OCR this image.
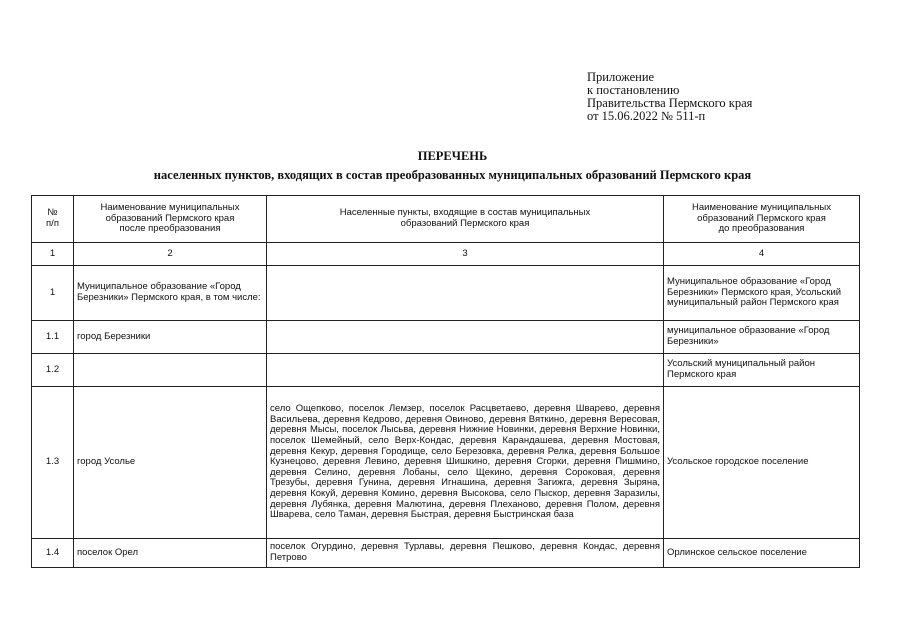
Приложение
к постановлению
Правительства Пермского края
от 15.06.2022 № 511-п
ПЕРЕЧЕНЬ
населенных пунктов, входящих в состав преобразованных муниципальных образований Пермского края
№
п/п	Наименование муниципальных
образований Пермского края
после преобразования	Населенные пункты, входящие в состав муниципальных
образований Пермского края	Наименование муниципальных
образований Пермского края
до преобразования

1	2	3	4
1	Муниципальное образование «Город Березники» Пермского края, в том числе:		Муниципальное образование «Город Березники» Пермского края, Усольский муниципальный район Пермского края
1.1	город Березники		муниципальное образование «Город Березники»
1.2			Усольский муниципальный район Пермского края
1.3	город Усолье	село Ощепково, поселок Лемзер, поселок Расцветаево, деревня Шварево, деревня Васильева, деревня Кедрово, деревня Овиново, деревня Вяткино, деревня Вересовая, деревня Мысы, поселок Лысьва, деревня Нижние Новинки, деревня Верхние Новинки, поселок Шемейный, село Верх-Кондас, деревня Карандашева, деревня Мостовая, деревня Кекур, деревня Городище, село Березовка, деревня Релка, деревня Большое Кузнецово, деревня Левино, деревня Шишкино, деревня Сгорки, деревня Пишмино, деревня Селино, деревня Лобаны, село Щекино, деревня Сороковая, деревня Трезубы, деревня Гунина, деревня Игнашина, деревня Загижга, деревня Зыряна, деревня Кокуй, деревня Комино, деревня Высокова, село Пыскор, деревня Заразилы, деревня Лубянка, деревня Малютина, деревня Плеханово, деревня Полом, деревня Шварева, село Таман, деревня Быстрая, деревня Быстринская база	Усольское городское поселение
1.4	поселок Орел	поселок Огурдино, деревня Турлавы, деревня Пешково, деревня Кондас, деревня Петрово	Орлинское сельское поселение
